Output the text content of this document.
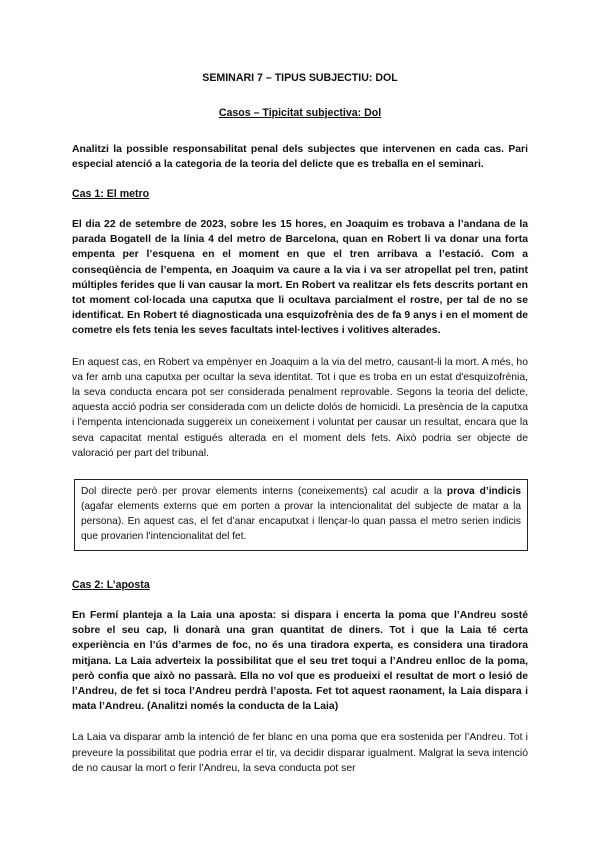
SEMINARI 7 – TIPUS SUBJECTIU: DOL
Casos – Tipicitat subjectiva: Dol
Analitzi la possible responsabilitat penal dels subjectes que intervenen en cada cas. Pari especial atenció a la categoria de la teoria del delicte que es treballa en el seminari.
Cas 1: El metro
El dia 22 de setembre de 2023, sobre les 15 hores, en Joaquim es trobava a l’andana de la parada Bogatell de la línia 4 del metro de Barcelona, quan en Robert li va donar una forta empenta per l’esquena en el moment en que el tren arribava a l’estació. Com a conseqüència de l’empenta, en Joaquim va caure a la via i va ser atropellat pel tren, patint múltiples ferides que li van causar la mort. En Robert va realitzar els fets descrits portant en tot moment col·locada una caputxa que li ocultava parcialment el rostre, per tal de no se identificat. En Robert té diagnosticada una esquizofrènia des de fa 9 anys i en el moment de cometre els fets tenia les seves facultats intel·lectives i volitives alterades.
En aquest cas, en Robert va empènyer en Joaquim a la via del metro, causant-li la mort. A més, ho va fer amb una caputxa per ocultar la seva identitat. Tot i que es troba en un estat d'esquizofrènia, la seva conducta encara pot ser considerada penalment reprovable. Segons la teoria del delicte, aquesta acció podria ser considerada com un delicte dolós de homicidi. La presència de la caputxa i l'empenta intencionada suggereix un coneixement i voluntat per causar un resultat, encara que la seva capacitat mental estigués alterada en el moment dels fets. Això podria ser objecte de valoració per part del tribunal.
Dol directe però per provar elements interns (coneixements) cal acudir a la prova d’indicis (agafar elements externs que em porten a provar la intencionalitat del subjecte de matar a la persona). En aquest cas, el fet d’anar encaputxat i llençar-lo quan passa el metro serien indicis que provarien l’intencionalitat del fet.
Cas 2: L’aposta
En Fermí planteja a la Laia una aposta: si dispara i encerta la poma que l’Andreu sosté sobre el seu cap, li donarà una gran quantitat de diners. Tot i que la Laia té certa experiència en l’ús d’armes de foc, no és una tiradora experta, es considera una tiradora mitjana. La Laia adverteix la possibilitat que el seu tret toqui a l’Andreu enlloc de la poma, però confia que això no passarà. Ella no vol que es produeixi el resultat de mort o lesió de l’Andreu, de fet si toca l’Andreu perdrà l’aposta. Fet tot aquest raonament, la Laia dispara i mata l’Andreu. (Analitzi només la conducta de la Laia)
La Laia va disparar amb la intenció de fer blanc en una poma que era sostenida per l’Andreu. Tot i preveure la possibilitat que podria errar el tir, va decidir disparar igualment. Malgrat la seva intenció de no causar la mort o ferir l’Andreu, la seva conducta pot ser
